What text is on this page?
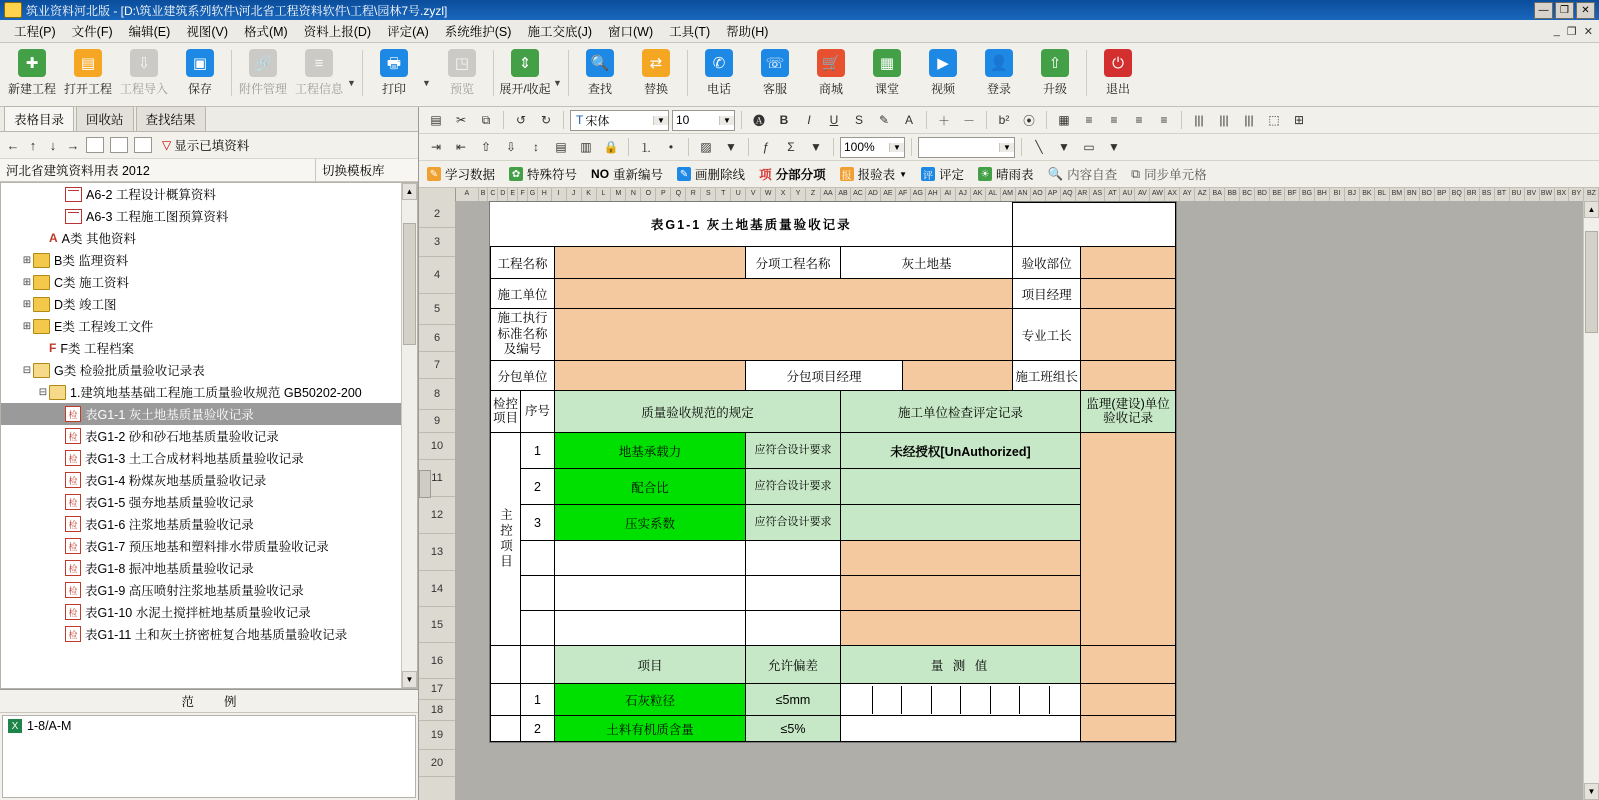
筑业资料河北版 - [D:\筑业建筑系列软件\河北省工程资料软件\工程\园林7号.zyzl]	—	❐	✕
工程(P)	文件(F)	编辑(E)	视图(V)	格式(M)	资料上报(D)	评定(A)	系统维护(S)	施工交底(J)	窗口(W)	工具(T)	帮助(H)	_ ❐ ✕
✚
新建工程
▤
打开工程
⇩
工程导入
▣
保存
🔗
附件管理
≡
工程信息 ▼
🖶
打印 ▼
◳
预览
⇕
展开/收起 ▼
🔍
查找
⇄
替换
✆
电话
☏
客服
🛒
商城
▦
课堂
▶
视频
👤
登录
⇧
升级
⏻
退出
表格目录	回收站	查找结果
← ↑ ↓ →	▽ 显示已填资料
河北省建筑资料用表 2012	切换模板库
A6-2 工程设计概算资料
A6-3 工程施工图预算资料
A A类 其他资料
⊞ B类 监理资料
⊞ C类 施工资料
⊞ D类 竣工图
⊞ E类 工程竣工文件
F F类 工程档案
⊟ G类 检验批质量验收记录表
⊟ 1.建筑地基基础工程施工质量验收规范 GB50202-200
检 表G1-1 灰土地基质量验收记录
检 表G1-2 砂和砂石地基质量验收记录
检 表G1-3 土工合成材料地基质量验收记录
检 表G1-4 粉煤灰地基质量验收记录
检 表G1-5 强夯地基质量验收记录
检 表G1-6 注浆地基质量验收记录
检 表G1-7 预压地基和塑料排水带质量验收记录
检 表G1-8 振冲地基质量验收记录
检 表G1-9 高压喷射注浆地基质量验收记录
检 表G1-10 水泥土搅拌桩地基质量验收记录
检 表G1-11 土和灰土挤密桩复合地基质量验收记录
▲
▼
范 例
X 1-8/A-M
▤	✂	⧉	↺	↻	T 宋体	▼ 10	▼	🅐	B	I	U	S	✎	A	＋	－	b²	⦿	▦	≡	≡	≡	≡	|||	|||	|||	⬚	⊞
⇥	⇤	⇧	⇩	↕	▤	▥ 🔒	⒈	•	▨	▼	ƒ	Σ	▼	100%	▼	▼	╲	▼	▭	▼
✎ 学习数据 ✿ 特殊符号 NO 重新编号 ✎ 画删除线 项 分部分项 报 报验表 ▼ 评 评定 ☀ 晴雨表 🔍 内容自查 ⧉ 同步单元格
A	B C D E F G H	I	J	K	L	M	N	O	P	Q	R	S	T	U	V	W	X	Y	Z	AA AB AC AD AE AF AG AH AI	AJ AK AL AM AN AO AP AQ AR AS AT AU AV AW AX AY AZ BA BB BC BD BE BF BG BH BI	BJ BK BL BM BN BO BP BQ BR BS BT BU BV BW BX BY BZ
2
3
4
5
6
7
8
9
10
11
12
13
14
15
16
17
18
19
20
表G1-1 灰土地基质量验收记录							
工程名称			分项工程名称	灰土地基		验收部位	
施工单位						项目经理	
施工执行标准名称及编号						专业工长	
分包单位			分包项目经理			施工班组长	
检控项目	序号	质量验收规范的规定		施工单位检查评定记录			监理(建设)单位验收记录
主控项目	1	地基承载力	应符合设计要求	未经授权[UnAuthorized]			
	2	配合比	应符合设计要求				
	3	压实系数	应符合设计要求				

		项目	允许偏差	量 测 值			
	1	石灰粒径	≤5mm			

	2	土料有机质含量	≤5%				
▲
▼
